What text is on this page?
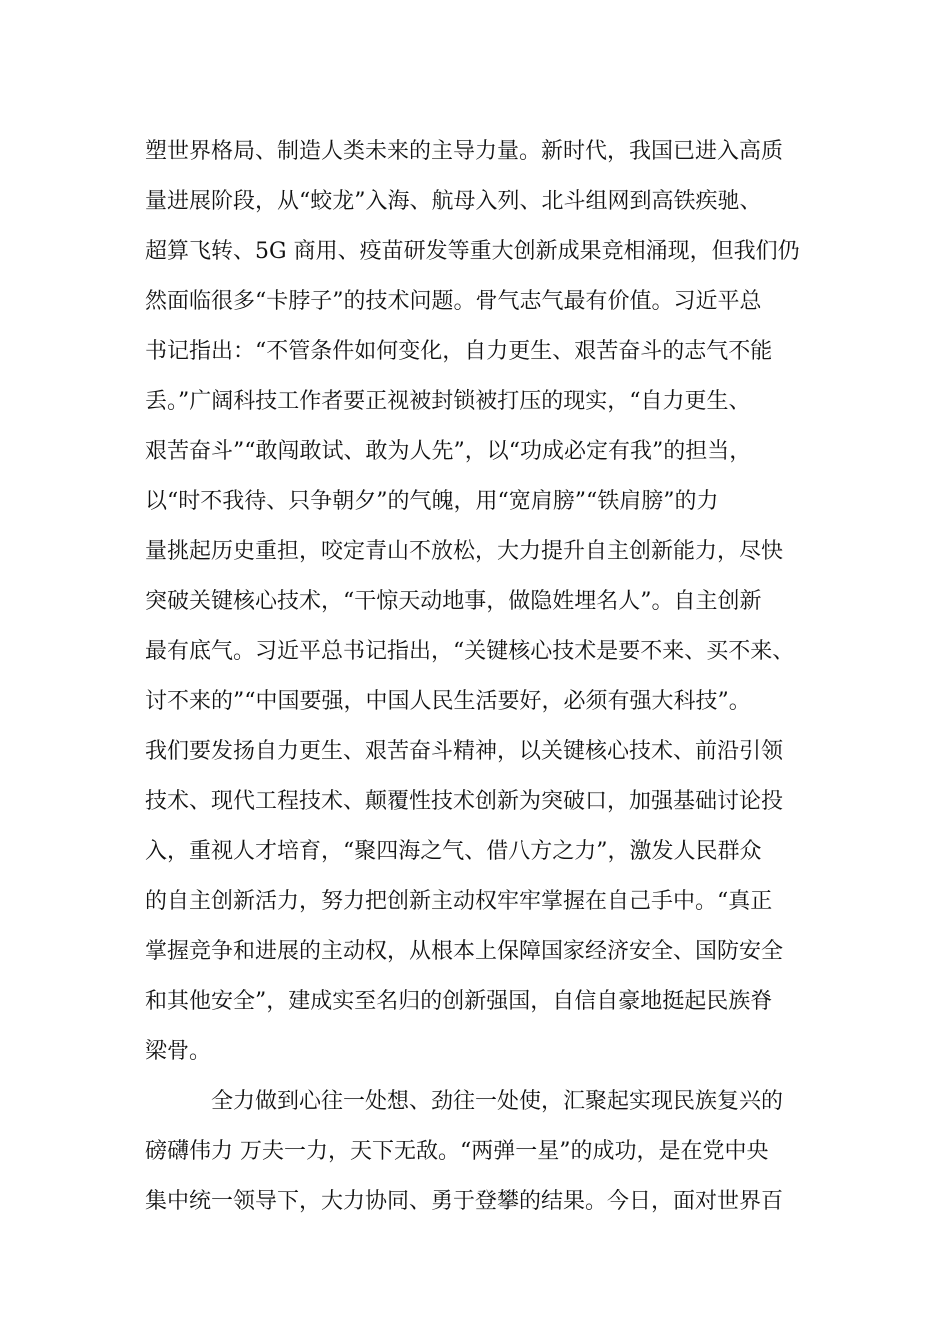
塑世界格局、制造人类未来的主导力量。新时代，我国已进入高质
量进展阶段，从“蛟龙”入海、航母入列、北斗组网到高铁疾驰、
超算飞转、5G 商用、疫苗研发等重大创新成果竞相涌现，但我们仍
然面临很多“卡脖子”的技术问题。骨气志气最有价值。习近平总
书记指出：“不管条件如何变化，自力更生、艰苦奋斗的志气不能
丢。”广阔科技工作者要正视被封锁被打压的现实，“自力更生、
艰苦奋斗”“敢闯敢试、敢为人先”，以“功成必定有我”的担当，
以“时不我待、只争朝夕”的气魄，用“宽肩膀”“铁肩膀”的力
量挑起历史重担，咬定青山不放松，大力提升自主创新能力，尽快
突破关键核心技术，“干惊天动地事，做隐姓埋名人”。自主创新
最有底气。习近平总书记指出，“关键核心技术是要不来、买不来、
讨不来的”“中国要强，中国人民生活要好，必须有强大科技”。
我们要发扬自力更生、艰苦奋斗精神，以关键核心技术、前沿引领
技术、现代工程技术、颠覆性技术创新为突破口，加强基础讨论投
入，重视人才培育，“聚四海之气、借八方之力”，激发人民群众
的自主创新活力，努力把创新主动权牢牢掌握在自己手中。“真正
掌握竞争和进展的主动权，从根本上保障国家经济安全、国防安全
和其他安全”，建成实至名归的创新强国，自信自豪地挺起民族脊
梁骨。
全力做到心往一处想、劲往一处使，汇聚起实现民族复兴的
磅礴伟力 万夫一力，天下无敌。“两弹一星”的成功，是在党中央
集中统一领导下，大力协同、勇于登攀的结果。今日，面对世界百
